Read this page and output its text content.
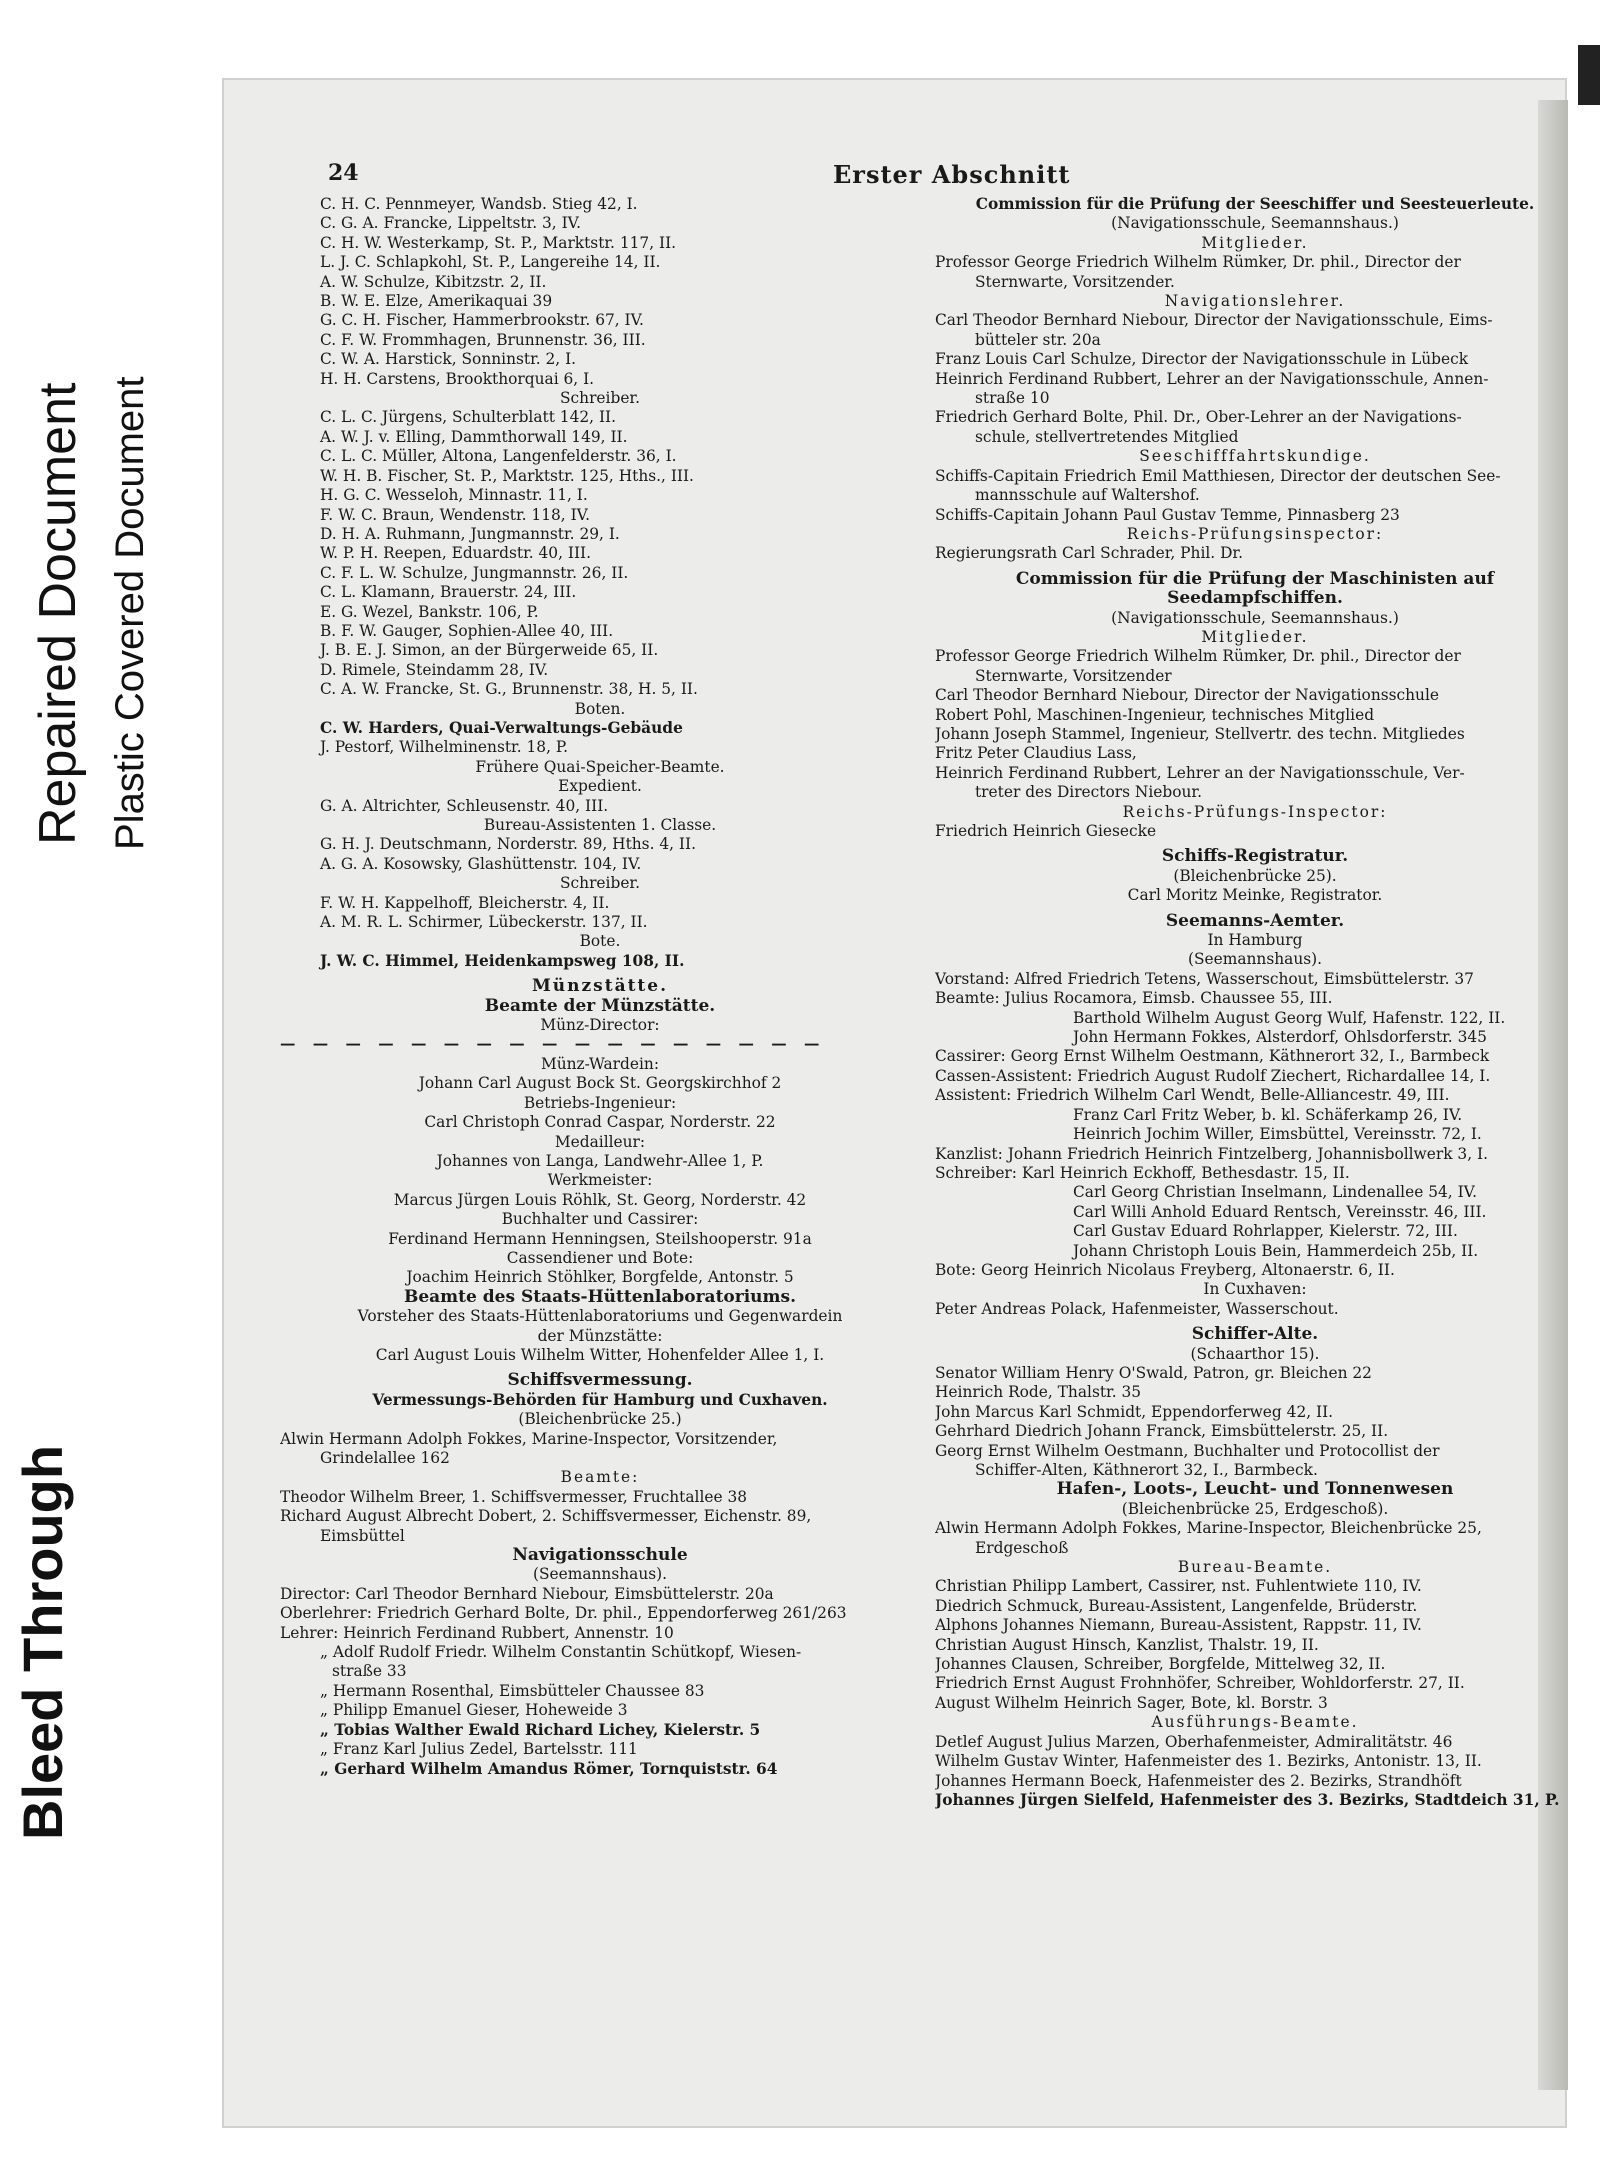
Bleed Through
Repaired Document Plastic Covered Document
24	Erster Abschnitt
C. H. C. Pennmeyer, Wandsb. Stieg 42, I.
C. G. A. Francke, Lippeltstr. 3, IV.
C. H. W. Westerkamp, St. P., Marktstr. 117, II.
L. J. C. Schlapkohl, St. P., Langereihe 14, II.
A. W. Schulze, Kibitzstr. 2, II.
B. W. E. Elze, Amerikaquai 39
G. C. H. Fischer, Hammerbrookstr. 67, IV.
C. F. W. Frommhagen, Brunnenstr. 36, III.
C. W. A. Harstick, Sonninstr. 2, I.
H. H. Carstens, Brookthorquai 6, I.
Schreiber.
C. L. C. Jürgens, Schulterblatt 142, II.
A. W. J. v. Elling, Dammthorwall 149, II.
C. L. C. Müller, Altona, Langenfelderstr. 36, I.
W. H. B. Fischer, St. P., Marktstr. 125, Hths., III.
H. G. C. Wesseloh, Minnastr. 11, I.
F. W. C. Braun, Wendenstr. 118, IV.
D. H. A. Ruhmann, Jungmannstr. 29, I.
W. P. H. Reepen, Eduardstr. 40, III.
C. F. L. W. Schulze, Jungmannstr. 26, II.
C. L. Klamann, Brauerstr. 24, III.
E. G. Wezel, Bankstr. 106, P.
B. F. W. Gauger, Sophien-Allee 40, III.
J. B. E. J. Simon, an der Bürgerweide 65, II.
D. Rimele, Steindamm 28, IV.
C. A. W. Francke, St. G., Brunnenstr. 38, H. 5, II.
Boten.
C. W. Harders, Quai-Verwaltungs-Gebäude
J. Pestorf, Wilhelminenstr. 18, P.
Frühere Quai-Speicher-Beamte.
Expedient.
G. A. Altrichter, Schleusenstr. 40, III.
Bureau-Assistenten 1. Classe.
G. H. J. Deutschmann, Norderstr. 89, Hths. 4, II.
A. G. A. Kosowsky, Glashüttenstr. 104, IV.
Schreiber.
F. W. H. Kappelhoff, Bleicherstr. 4, II.
A. M. R. L. Schirmer, Lübeckerstr. 137, II.
Bote.
J. W. C. Himmel, Heidenkampsweg 108, II.
Münzstätte.
Beamte der Münzstätte.
Münz-Director:
— — — — — — — — — — — — — — — — —
Münz-Wardein:
Johann Carl August Bock St. Georgskirchhof 2
Betriebs-Ingenieur:
Carl Christoph Conrad Caspar, Norderstr. 22
Medailleur:
Johannes von Langa, Landwehr-Allee 1, P.
Werkmeister:
Marcus Jürgen Louis Röhlk, St. Georg, Norderstr. 42
Buchhalter und Cassirer:
Ferdinand Hermann Henningsen, Steilshooperstr. 91a
Cassendiener und Bote:
Joachim Heinrich Stöhlker, Borgfelde, Antonstr. 5
Beamte des Staats-Hüttenlaboratoriums.
Vorsteher des Staats-Hüttenlaboratoriums und Gegenwardein
der Münzstätte:
Carl August Louis Wilhelm Witter, Hohenfelder Allee 1, I.
Schiffsvermessung.
Vermessungs-Behörden für Hamburg und Cuxhaven.
(Bleichenbrücke 25.)
Alwin Hermann Adolph Fokkes, Marine-Inspector, Vorsitzender,
Grindelallee 162
Beamte:
Theodor Wilhelm Breer, 1. Schiffsvermesser, Fruchtallee 38
Richard August Albrecht Dobert, 2. Schiffsvermesser, Eichenstr. 89,
Eimsbüttel
Navigationsschule
(Seemannshaus).
Director: Carl Theodor Bernhard Niebour, Eimsbüttelerstr. 20a
Oberlehrer: Friedrich Gerhard Bolte, Dr. phil., Eppendorferweg 261/263
Lehrer: Heinrich Ferdinand Rubbert, Annenstr. 10
„ Adolf Rudolf Friedr. Wilhelm Constantin Schütkopf, Wiesen-
straße 33
„ Hermann Rosenthal, Eimsbütteler Chaussee 83
„ Philipp Emanuel Gieser, Hoheweide 3
„ Tobias Walther Ewald Richard Lichey, Kielerstr. 5
„ Franz Karl Julius Zedel, Bartelsstr. 111
„ Gerhard Wilhelm Amandus Römer, Tornquiststr. 64
Commission für die Prüfung der Seeschiffer und Seesteuerleute.
(Navigationsschule, Seemannshaus.)
Mitglieder.
Professor George Friedrich Wilhelm Rümker, Dr. phil., Director der
Sternwarte, Vorsitzender.
Navigationslehrer.
Carl Theodor Bernhard Niebour, Director der Navigationsschule, Eims-
bütteler str. 20a
Franz Louis Carl Schulze, Director der Navigationsschule in Lübeck
Heinrich Ferdinand Rubbert, Lehrer an der Navigationsschule, Annen-
straße 10
Friedrich Gerhard Bolte, Phil. Dr., Ober-Lehrer an der Navigations-
schule, stellvertretendes Mitglied
Seeschifffahrtskundige.
Schiffs-Capitain Friedrich Emil Matthiesen, Director der deutschen See-
mannsschule auf Waltershof.
Schiffs-Capitain Johann Paul Gustav Temme, Pinnasberg 23
Reichs-Prüfungsinspector:
Regierungsrath Carl Schrader, Phil. Dr.
Commission für die Prüfung der Maschinisten auf
Seedampfschiffen.
(Navigationsschule, Seemannshaus.)
Mitglieder.
Professor George Friedrich Wilhelm Rümker, Dr. phil., Director der
Sternwarte, Vorsitzender
Carl Theodor Bernhard Niebour, Director der Navigationsschule
Robert Pohl, Maschinen-Ingenieur, technisches Mitglied
Johann Joseph Stammel, Ingenieur, Stellvertr. des techn. Mitgliedes
Fritz Peter Claudius Lass,
Heinrich Ferdinand Rubbert, Lehrer an der Navigationsschule, Ver-
treter des Directors Niebour.
Reichs-Prüfungs-Inspector:
Friedrich Heinrich Giesecke
Schiffs-Registratur.
(Bleichenbrücke 25).
Carl Moritz Meinke, Registrator.
Seemanns-Aemter.
In Hamburg
(Seemannshaus).
Vorstand: Alfred Friedrich Tetens, Wasserschout, Eimsbüttelerstr. 37
Beamte: Julius Rocamora, Eimsb. Chaussee 55, III.
Barthold Wilhelm August Georg Wulf, Hafenstr. 122, II.
John Hermann Fokkes, Alsterdorf, Ohlsdorferstr. 345
Cassirer: Georg Ernst Wilhelm Oestmann, Käthnerort 32, I., Barmbeck
Cassen-Assistent: Friedrich August Rudolf Ziechert, Richardallee 14, I.
Assistent: Friedrich Wilhelm Carl Wendt, Belle-Alliancestr. 49, III.
Franz Carl Fritz Weber, b. kl. Schäferkamp 26, IV.
Heinrich Jochim Willer, Eimsbüttel, Vereinsstr. 72, I.
Kanzlist: Johann Friedrich Heinrich Fintzelberg, Johannisbollwerk 3, I.
Schreiber: Karl Heinrich Eckhoff, Bethesdastr. 15, II.
Carl Georg Christian Inselmann, Lindenallee 54, IV.
Carl Willi Anhold Eduard Rentsch, Vereinsstr. 46, III.
Carl Gustav Eduard Rohrlapper, Kielerstr. 72, III.
Johann Christoph Louis Bein, Hammerdeich 25b, II.
Bote: Georg Heinrich Nicolaus Freyberg, Altonaerstr. 6, II.
In Cuxhaven:
Peter Andreas Polack, Hafenmeister, Wasserschout.
Schiffer-Alte.
(Schaarthor 15).
Senator William Henry O'Swald, Patron, gr. Bleichen 22
Heinrich Rode, Thalstr. 35
John Marcus Karl Schmidt, Eppendorferweg 42, II.
Gehrhard Diedrich Johann Franck, Eimsbüttelerstr. 25, II.
Georg Ernst Wilhelm Oestmann, Buchhalter und Protocollist der
Schiffer-Alten, Käthnerort 32, I., Barmbeck.
Hafen-, Loots-, Leucht- und Tonnenwesen
(Bleichenbrücke 25, Erdgeschoß).
Alwin Hermann Adolph Fokkes, Marine-Inspector, Bleichenbrücke 25,
Erdgeschoß
Bureau-Beamte.
Christian Philipp Lambert, Cassirer, nst. Fuhlentwiete 110, IV.
Diedrich Schmuck, Bureau-Assistent, Langenfelde, Brüderstr.
Alphons Johannes Niemann, Bureau-Assistent, Rappstr. 11, IV.
Christian August Hinsch, Kanzlist, Thalstr. 19, II.
Johannes Clausen, Schreiber, Borgfelde, Mittelweg 32, II.
Friedrich Ernst August Frohnhöfer, Schreiber, Wohldorferstr. 27, II.
August Wilhelm Heinrich Sager, Bote, kl. Borstr. 3
Ausführungs-Beamte.
Detlef August Julius Marzen, Oberhafenmeister, Admiralitätstr. 46
Wilhelm Gustav Winter, Hafenmeister des 1. Bezirks, Antonistr. 13, II.
Johannes Hermann Boeck, Hafenmeister des 2. Bezirks, Strandhöft
Johannes Jürgen Sielfeld, Hafenmeister des 3. Bezirks, Stadtdeich 31, P.
